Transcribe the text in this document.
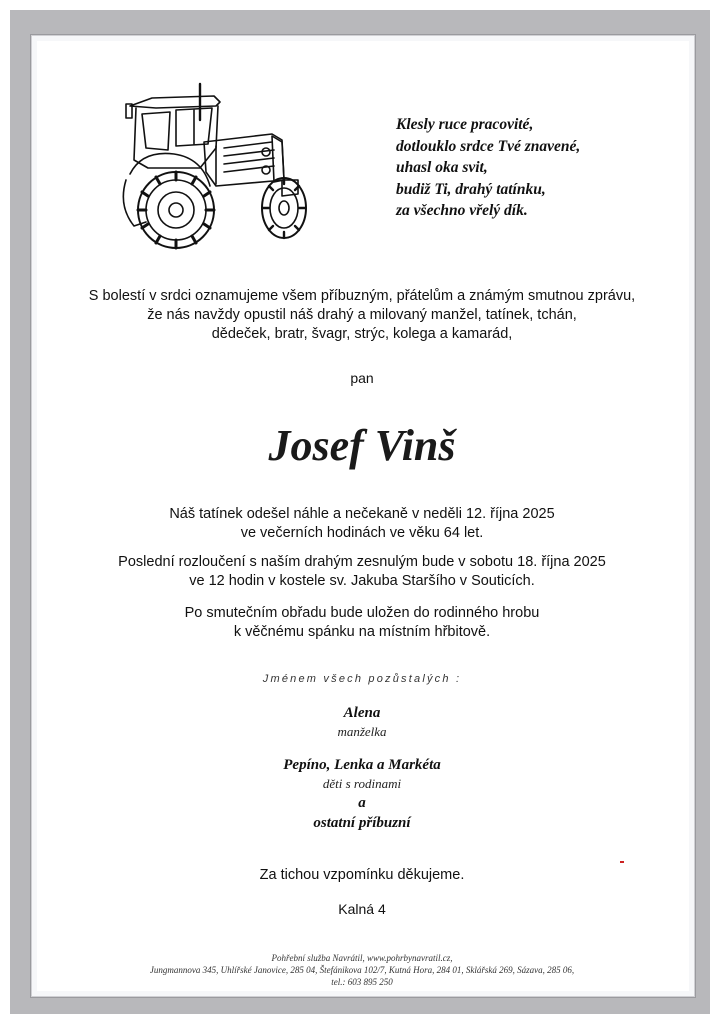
Klesly ruce pracovité,
dotlouklo srdce Tvé znavené,
uhasl oka svit,
budiž Ti, drahý tatínku,
za všechno vřelý dík.
S bolestí v srdci oznamujeme všem příbuzným, přátelům a známým smutnou zprávu,
že nás navždy opustil náš drahý a milovaný manžel, tatínek, tchán,
dědeček, bratr, švagr, strýc, kolega a kamarád,
pan
Josef Vinš
Náš tatínek odešel náhle a nečekaně v neděli 12. října 2025
ve večerních hodinách ve věku 64 let.
Poslední rozloučení s naším drahým zesnulým bude v sobotu 18. října 2025
ve 12 hodin v kostele sv. Jakuba Staršího v Souticích.
Po smutečním obřadu bude uložen do rodinného hrobu
k věčnému spánku na místním hřbitově.
Jménem všech pozůstalých :
Alena
manželka
Pepíno, Lenka a Markéta
děti s rodinami
a
ostatní příbuzní
Za tichou vzpomínku děkujeme.
Kalná 4
Pohřební služba Navrátil, www.pohrbynavratil.cz,
Jungmannova 345, Uhlířské Janovice, 285 04, Štefánikova 102/7, Kutná Hora, 284 01, Sklářská 269, Sázava, 285 06,
tel.: 603 895 250
